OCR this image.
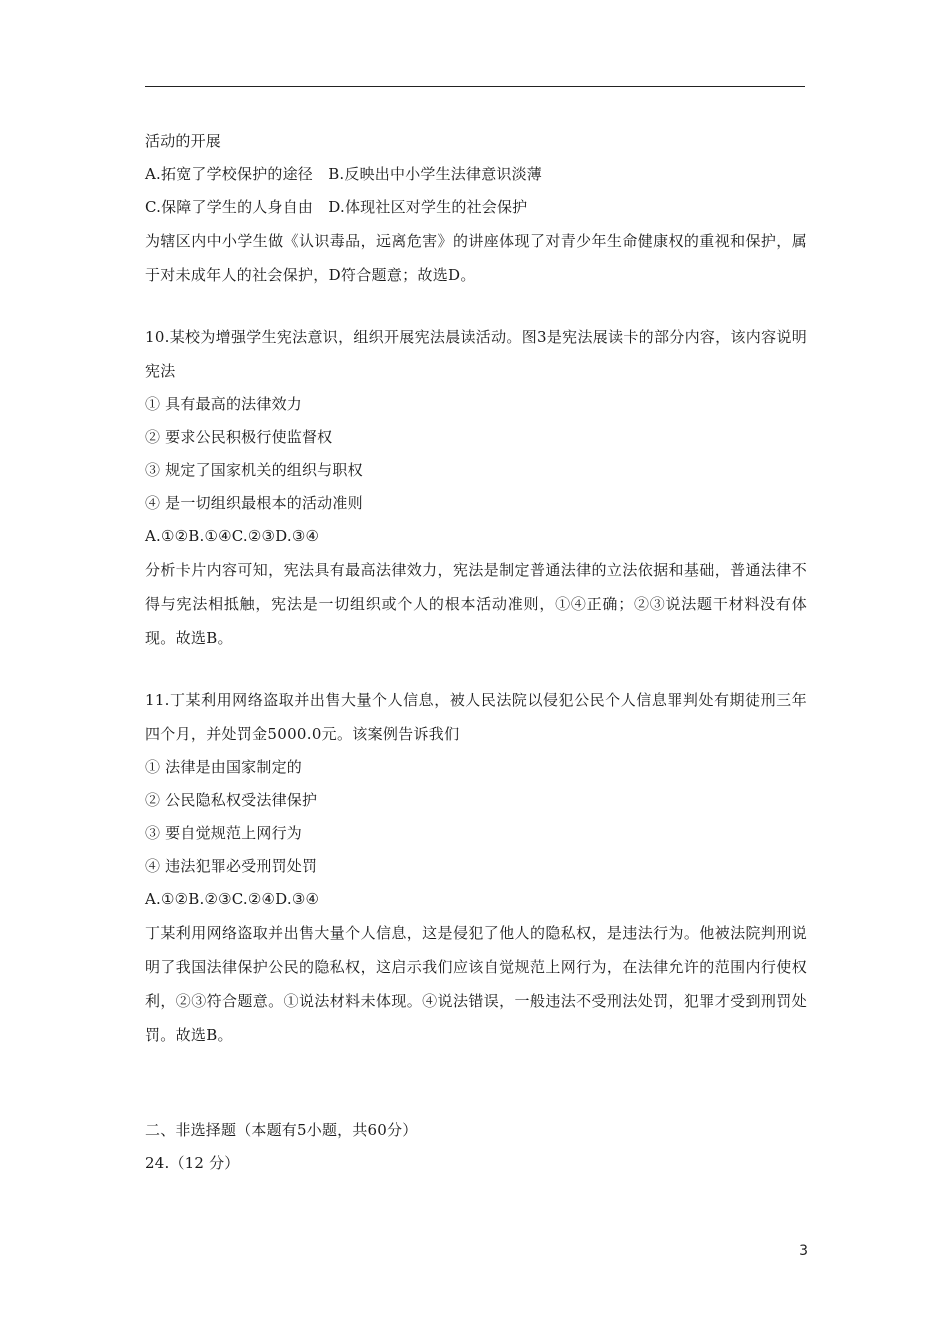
活动的开展
A.拓宽了学校保护的途径　B.反映出中小学生法律意识淡薄
C.保障了学生的人身自由　D.体现社区对学生的社会保护
为辖区内中小学生做《认识毒品，远离危害》的讲座体现了对青少年生命健康权的重视和保护，属于对未成年人的社会保护，D符合题意；故选D。
10.某校为增强学生宪法意识，组织开展宪法晨读活动。图3是宪法展读卡的部分内容，该内容说明宪法
① 具有最高的法律效力
② 要求公民积极行使监督权
③ 规定了国家机关的组织与职权
④ 是一切组织最根本的活动准则
A.①②B.①④C.②③D.③④
分析卡片内容可知，宪法具有最高法律效力，宪法是制定普通法律的立法依据和基础，普通法律不得与宪法相抵触，宪法是一切组织或个人的根本活动准则，①④正确；②③说法题干材料没有体现。故选B。
11.丁某利用网络盗取并出售大量个人信息，被人民法院以侵犯公民个人信息罪判处有期徒刑三年四个月，并处罚金5000.0元。该案例告诉我们
① 法律是由国家制定的
② 公民隐私权受法律保护
③ 要自觉规范上网行为
④ 违法犯罪必受刑罚处罚
A.①②B.②③C.②④D.③④
丁某利用网络盗取并出售大量个人信息，这是侵犯了他人的隐私权，是违法行为。他被法院判刑说明了我国法律保护公民的隐私权，这启示我们应该自觉规范上网行为，在法律允许的范围内行使权利，②③符合题意。①说法材料未体现。④说法错误，一般违法不受刑法处罚，犯罪才受到刑罚处罚。故选B。
二、非选择题（本题有5小题，共60分）
24.（12 分）
3
